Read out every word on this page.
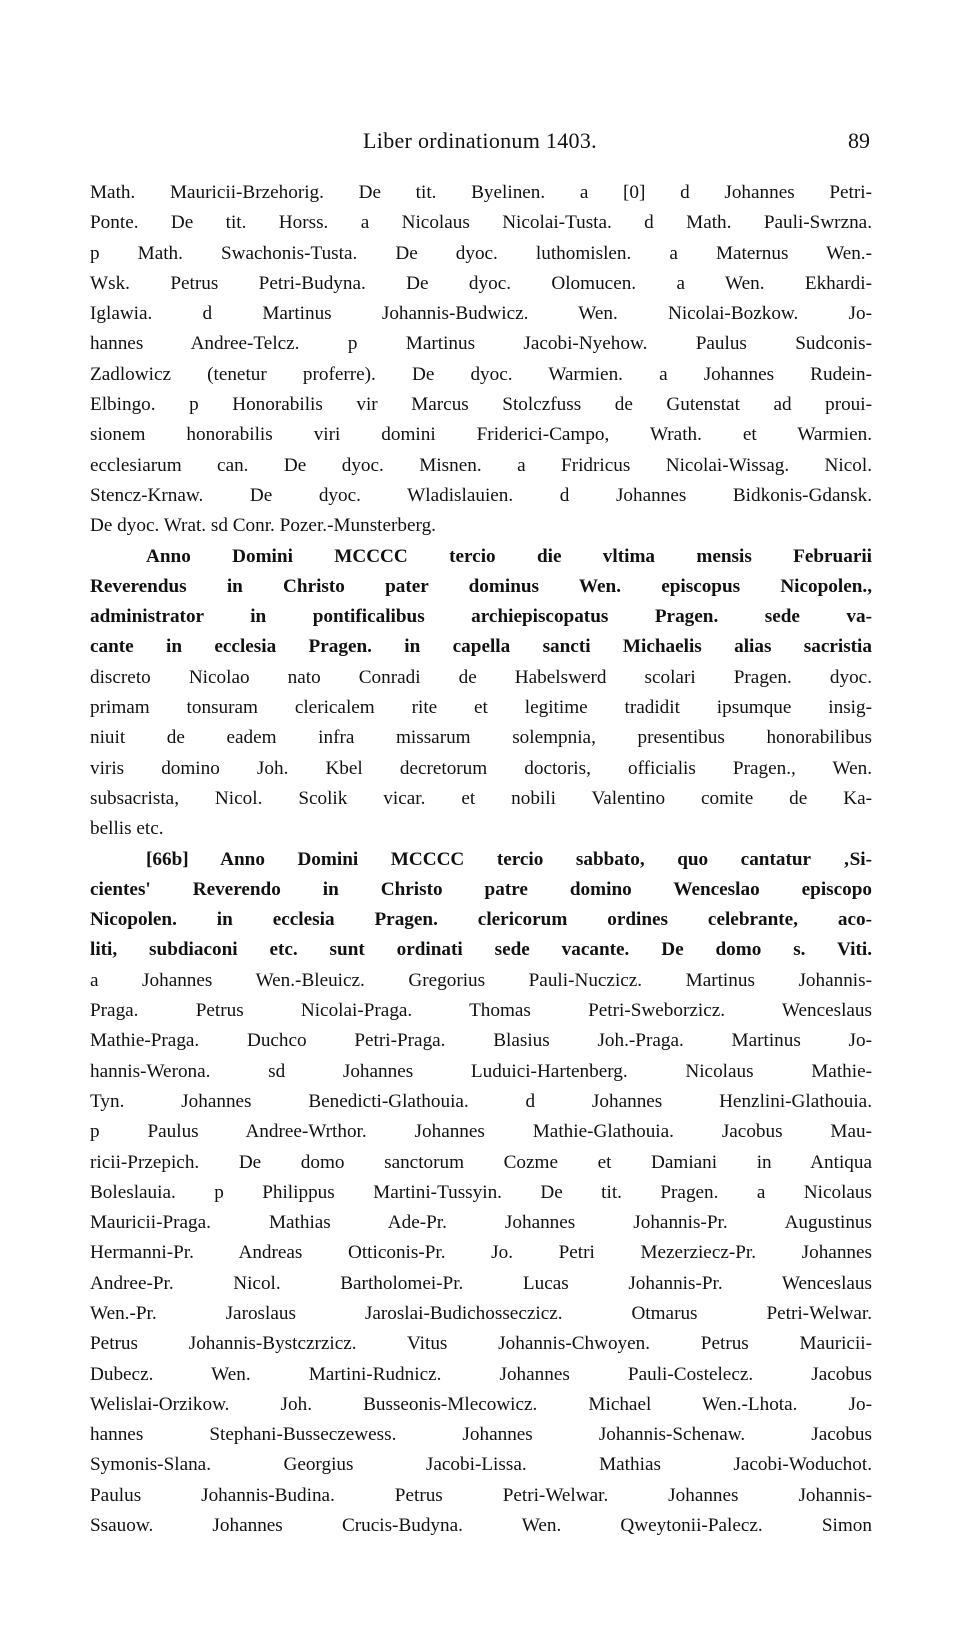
Liber ordinationum 1403.	89
Math. Mauricii-Brzehorig. De tit. Byelinen. a [0] d Johannes Petri-
Ponte. De tit. Horss. a Nicolaus Nicolai-Tusta. d Math. Pauli-Swrzna.
p Math. Swachonis-Tusta. De dyoc. luthomislen. a Maternus Wen.-
Wsk. Petrus Petri-Budyna. De dyoc. Olomucen. a Wen. Ekhardi-
Iglawia. d Martinus Johannis-Budwicz. Wen. Nicolai-Bozkow. Jo-
hannes Andree-Telcz. p Martinus Jacobi-Nyehow. Paulus Sudconis-
Zadlowicz (tenetur proferre). De dyoc. Warmien. a Johannes Rudein-
Elbingo. p Honorabilis vir Marcus Stolczfuss de Gutenstat ad proui-
sionem honorabilis viri domini Friderici-Campo, Wrath. et Warmien.
ecclesiarum can. De dyoc. Misnen. a Fridricus Nicolai-Wissag. Nicol.
Stencz-Krnaw. De dyoc. Wladislauien. d Johannes Bidkonis-Gdansk.
De dyoc. Wrat. sd Conr. Pozer.-Munsterberg.
Anno Domini MCCCC tercio die vltima mensis Februarii
Reverendus in Christo pater dominus Wen. episcopus Nicopolen.,
administrator in pontificalibus archiepiscopatus Pragen. sede va-
cante in ecclesia Pragen. in capella sancti Michaelis alias sacristia
discreto Nicolao nato Conradi de Habelswerd scolari Pragen. dyoc.
primam tonsuram clericalem rite et legitime tradidit ipsumque insig-
niuit de eadem infra missarum solempnia, presentibus honorabilibus
viris domino Joh. Kbel decretorum doctoris, officialis Pragen., Wen.
subsacrista, Nicol. Scolik vicar. et nobili Valentino comite de Ka-
bellis etc.
[66b] Anno Domini MCCCC tercio sabbato, quo cantatur ‚Si-
cientes' Reverendo in Christo patre domino Wenceslao episcopo
Nicopolen. in ecclesia Pragen. clericorum ordines celebrante, aco-
liti, subdiaconi etc. sunt ordinati sede vacante. De domo s. Viti.
a Johannes Wen.-Bleuicz. Gregorius Pauli-Nuczicz. Martinus Johannis-
Praga. Petrus Nicolai-Praga. Thomas Petri-Sweborzicz. Wenceslaus
Mathie-Praga. Duchco Petri-Praga. Blasius Joh.-Praga. Martinus Jo-
hannis-Werona. sd Johannes Luduici-Hartenberg. Nicolaus Mathie-
Tyn. Johannes Benedicti-Glathouia. d Johannes Henzlini-Glathouia.
p Paulus Andree-Wrthor. Johannes Mathie-Glathouia. Jacobus Mau-
ricii-Przepich. De domo sanctorum Cozme et Damiani in Antiqua
Boleslauia. p Philippus Martini-Tussyin. De tit. Pragen. a Nicolaus
Mauricii-Praga. Mathias Ade-Pr. Johannes Johannis-Pr. Augustinus
Hermanni-Pr. Andreas Otticonis-Pr. Jo. Petri Mezerziecz-Pr. Johannes
Andree-Pr. Nicol. Bartholomei-Pr. Lucas Johannis-Pr. Wenceslaus
Wen.-Pr. Jaroslaus Jaroslai-Budichosseczicz. Otmarus Petri-Welwar.
Petrus Johannis-Bystczrzicz. Vitus Johannis-Chwoyen. Petrus Mauricii-
Dubecz. Wen. Martini-Rudnicz. Johannes Pauli-Costelecz. Jacobus
Welislai-Orzikow. Joh. Busseonis-Mlecowicz. Michael Wen.-Lhota. Jo-
hannes Stephani-Busseczewess. Johannes Johannis-Schenaw. Jacobus
Symonis-Slana. Georgius Jacobi-Lissa. Mathias Jacobi-Woduchot.
Paulus Johannis-Budina. Petrus Petri-Welwar. Johannes Johannis-
Ssauow. Johannes Crucis-Budyna. Wen. Qweytonii-Palecz. Simon
